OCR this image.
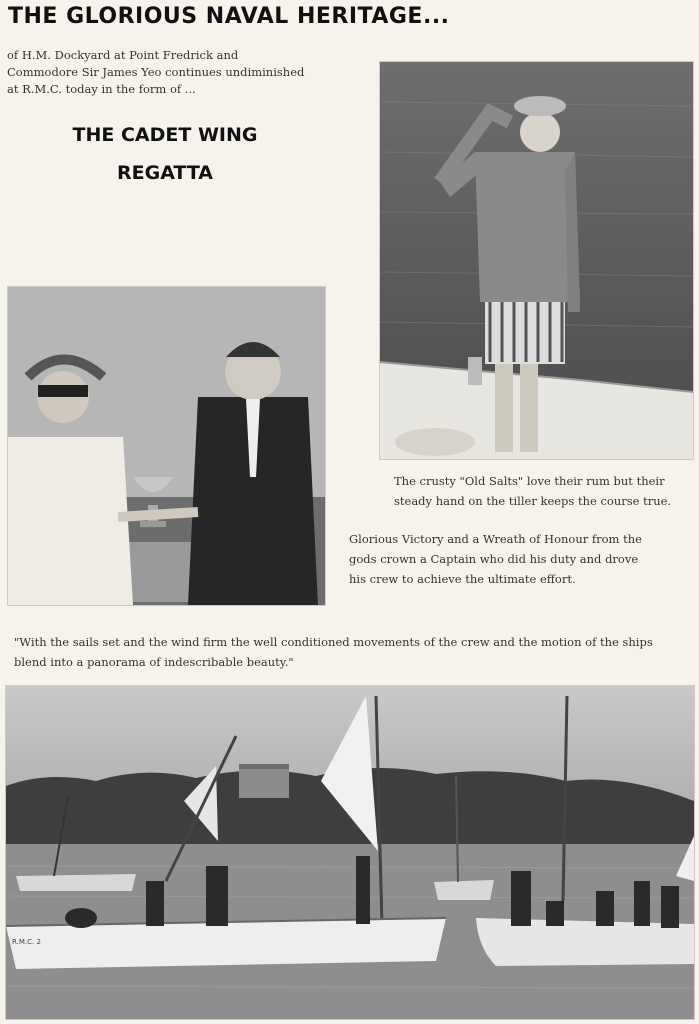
THE GLORIOUS NAVAL HERITAGE...
of H.M. Dockyard at Point Fredrick and
Commodore Sir James Yeo continues undiminished
at R.M.C. today in the form of ...
THE CADET WING
REGATTA
The crusty "Old Salts" love their rum but their
steady hand on the tiller keeps the course true.
Glorious Victory and a Wreath of Honour from the
gods crown a Captain who did his duty and drove
his crew to achieve the ultimate effort.
"With the sails set and the wind firm the well conditioned movements of the crew and the motion of the ships
blend into a panorama of indescribable beauty."
R.M.C. 2
